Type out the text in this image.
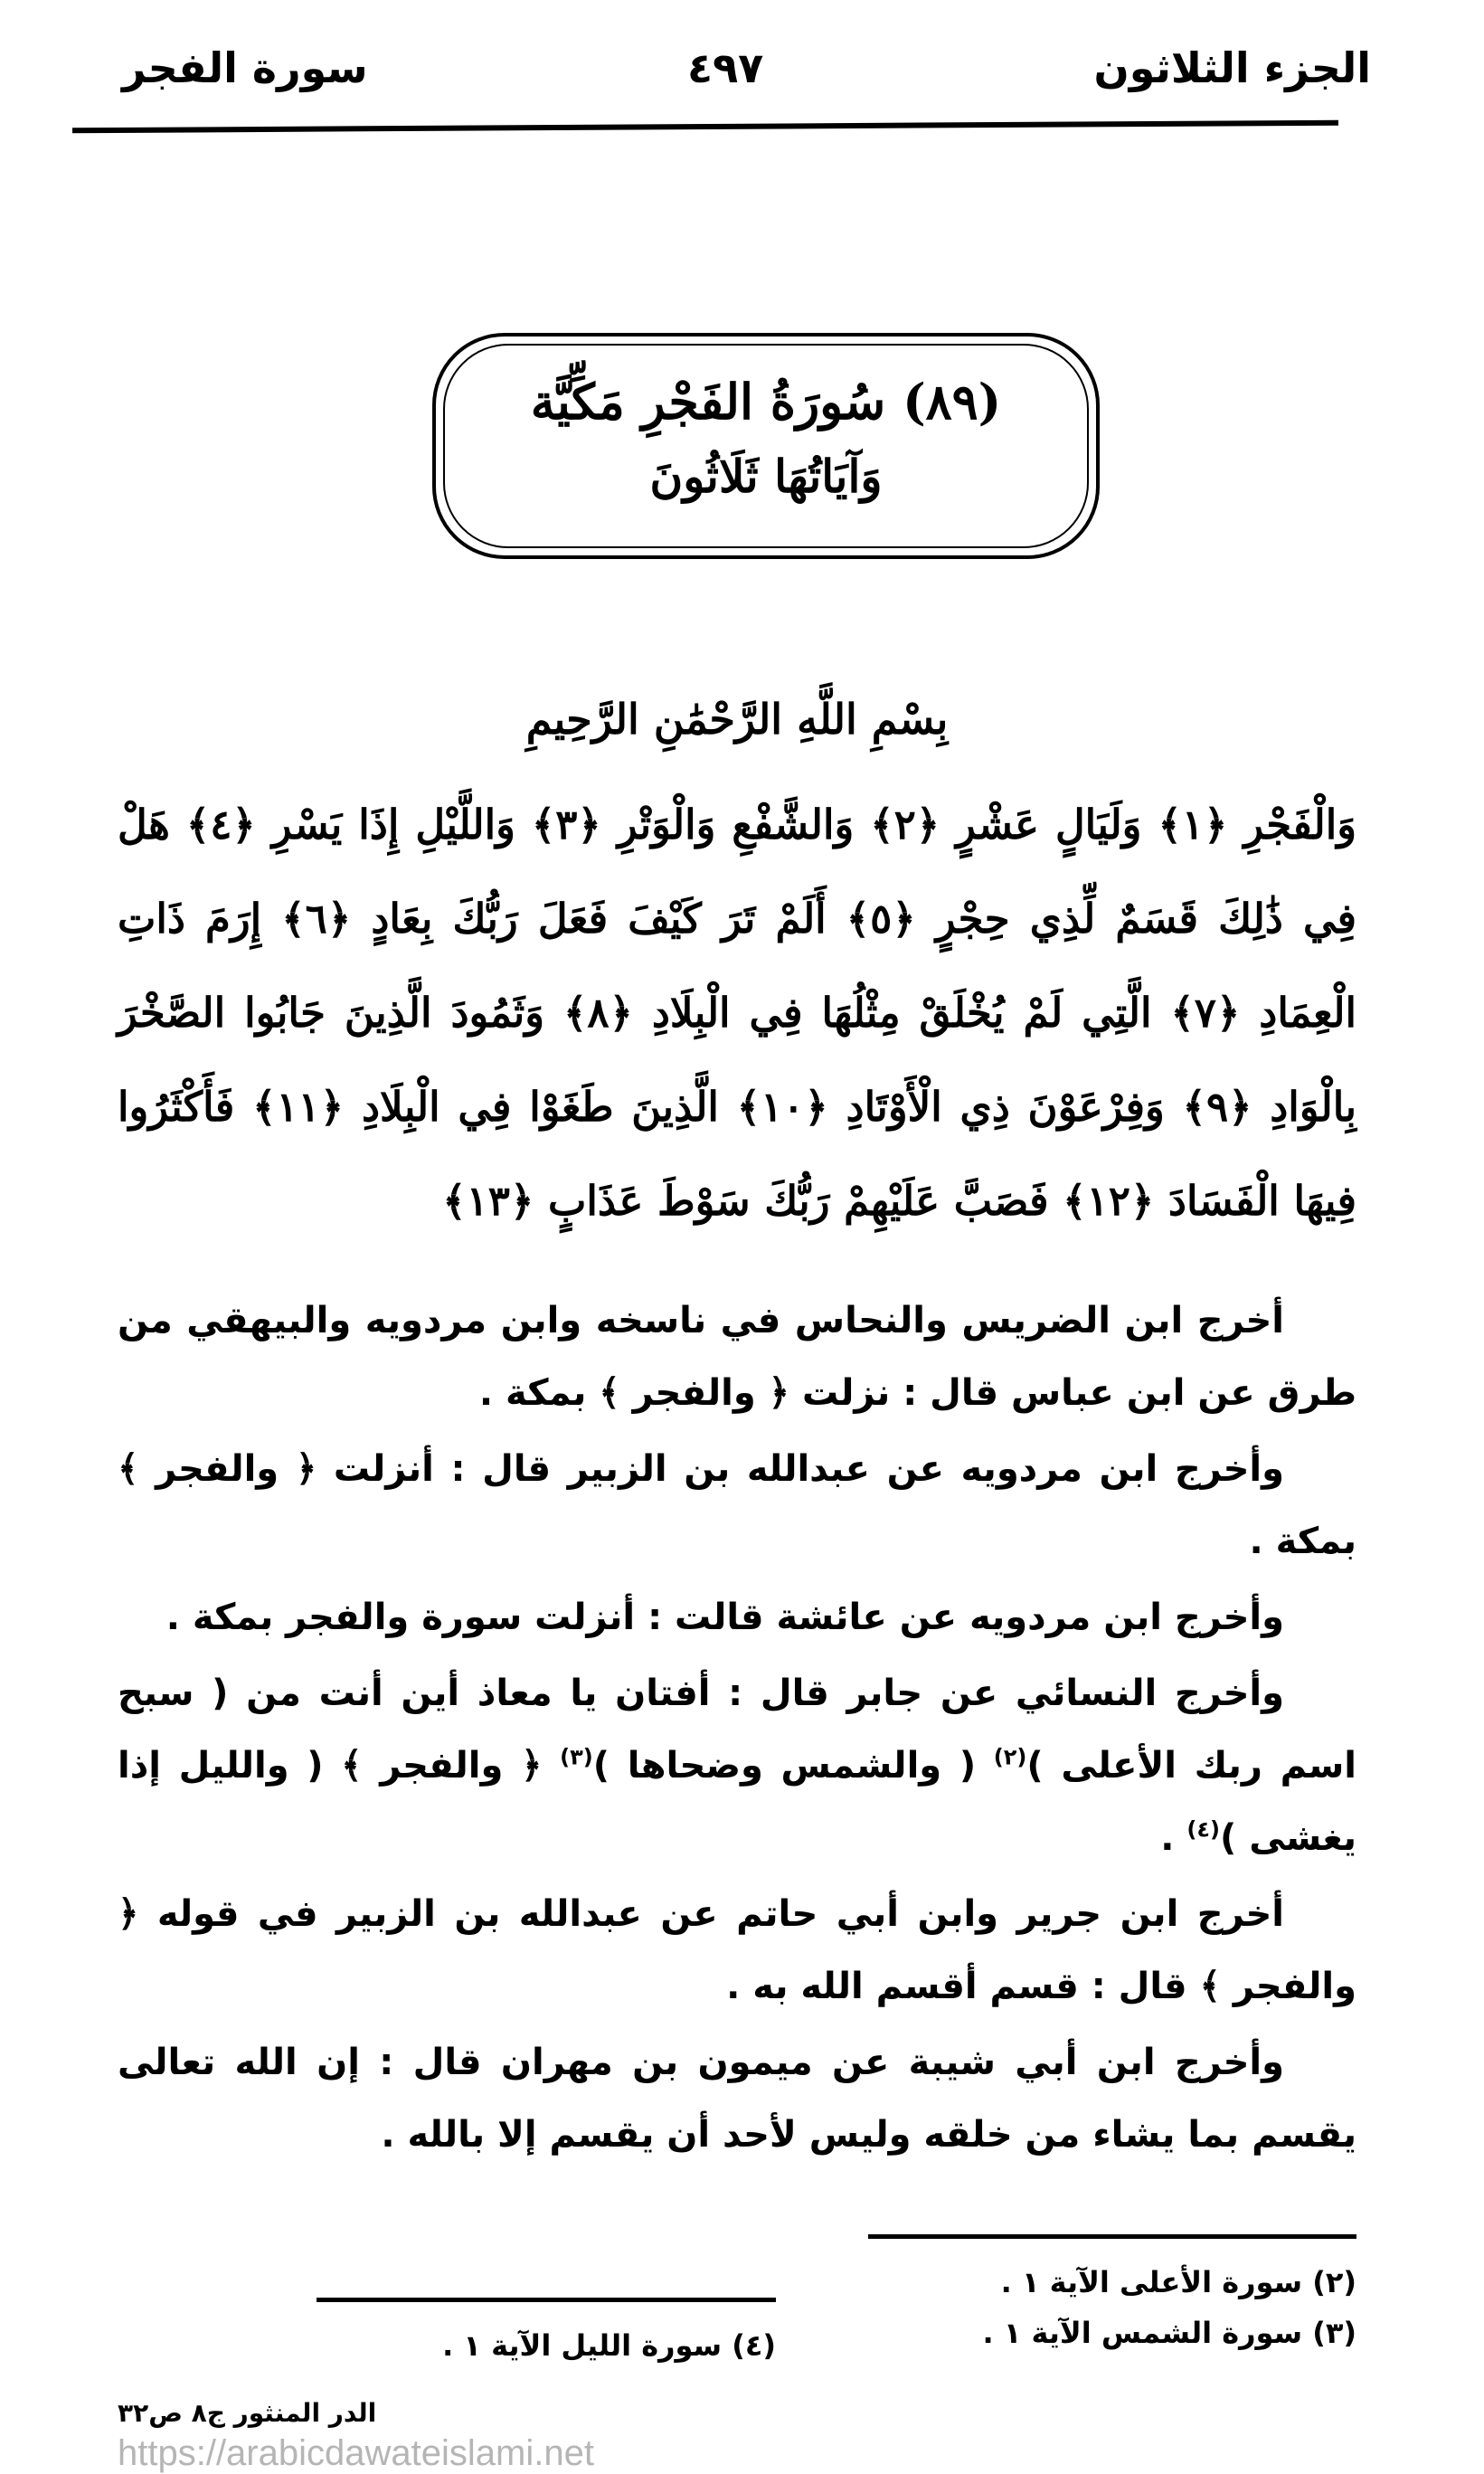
الجزء الثلاثون
٤٩٧
سورة الفجر
(٨٩) سُورَةُ الفَجْرِ مَكِّيَّة
وَآيَاتُهَا ثَلَاثُونَ
بِسْمِ اللَّهِ الرَّحْمَٰنِ الرَّحِيمِ
وَالْفَجْرِ ﴿١﴾ وَلَيَالٍ عَشْرٍ ﴿٢﴾ وَالشَّفْعِ وَالْوَتْرِ ﴿٣﴾ وَاللَّيْلِ إِذَا يَسْرِ ﴿٤﴾ هَلْ فِي ذَٰلِكَ قَسَمٌ لِّذِي حِجْرٍ ﴿٥﴾ أَلَمْ تَرَ كَيْفَ فَعَلَ رَبُّكَ بِعَادٍ ﴿٦﴾ إِرَمَ ذَاتِ الْعِمَادِ ﴿٧﴾ الَّتِي لَمْ يُخْلَقْ مِثْلُهَا فِي الْبِلَادِ ﴿٨﴾ وَثَمُودَ الَّذِينَ جَابُوا الصَّخْرَ بِالْوَادِ ﴿٩﴾ وَفِرْعَوْنَ ذِي الْأَوْتَادِ ﴿١٠﴾ الَّذِينَ طَغَوْا فِي الْبِلَادِ ﴿١١﴾ فَأَكْثَرُوا فِيهَا الْفَسَادَ ﴿١٢﴾ فَصَبَّ عَلَيْهِمْ رَبُّكَ سَوْطَ عَذَابٍ ﴿١٣﴾

أخرج ابن الضريس والنحاس في ناسخه وابن مردويه والبيهقي من طرق عن ابن عباس قال : نزلت ﴿ والفجر ﴾ بمكة .

وأخرج ابن مردويه عن عبدالله بن الزبير قال : أنزلت ﴿ والفجر ﴾ بمكة .

وأخرج ابن مردويه عن عائشة قالت : أنزلت سورة والفجر بمكة .

وأخرج النسائي عن جابر قال : أفتان يا معاذ أين أنت من ( سبح اسم ربك الأعلى )$^{(٢)}$ ( والشمس وضحاها )$^{(٣)}$ ﴿ والفجر ﴾ ( والليل إذا يغشى )$^{(٤)}$ .

أخرج ابن جرير وابن أبي حاتم عن عبدالله بن الزبير في قوله ﴿ والفجر ﴾ قال : قسم أقسم الله به .

وأخرج ابن أبي شيبة عن ميمون بن مهران قال : إن الله تعالى يقسم بما يشاء من خلقه وليس لأحد أن يقسم إلا بالله .

(٢) سورة الأعلى الآية ١ .
(٣) سورة الشمس الآية ١ .
(٤) سورة الليل الآية ١ .
الدر المنثور ج٨ ص٣٢
https://arabicdawateislami.net
